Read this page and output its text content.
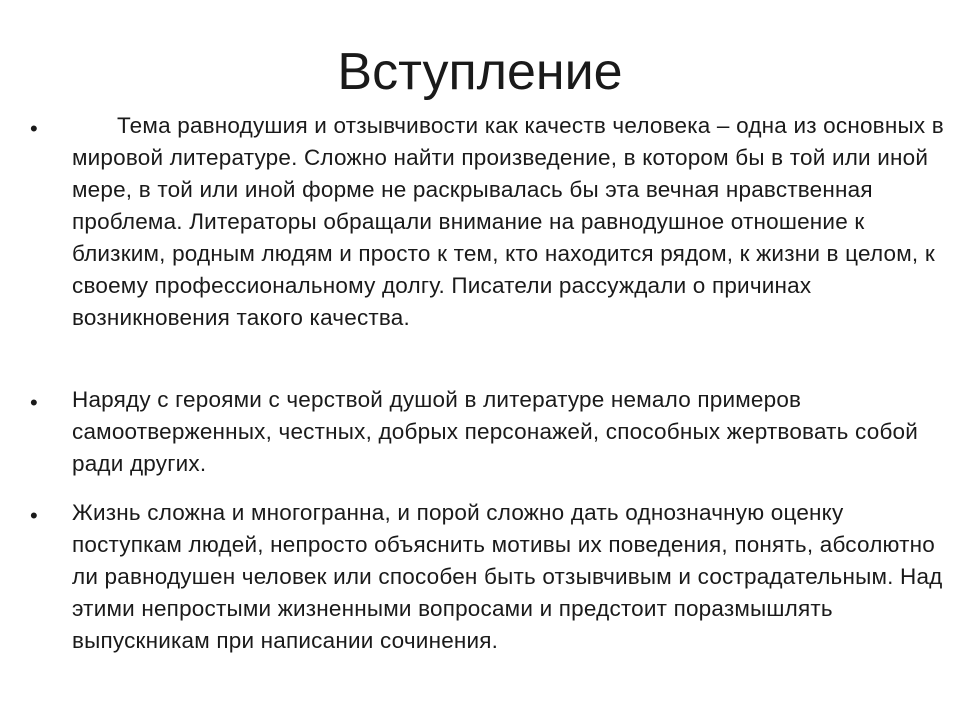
Вступление
•	Тема равнодушия и отзывчивости как качеств человека – одна из основных в мировой литературе. Сложно найти произведение, в котором бы в той или иной мере, в той или иной форме не раскрывалась бы эта вечная нравственная проблема. Литераторы обращали внимание на равнодушное отношение к близким, родным людям и просто к тем, кто находится рядом, к жизни в целом, к своему профессиональному долгу. Писатели рассуждали о причинах возникновения такого качества.

• Наряду с героями с черствой душой в литературе немало примеров самоотверженных, честных, добрых персонажей, способных жертвовать собой ради других.

• Жизнь сложна и многогранна, и порой сложно дать однозначную оценку поступкам людей, непросто объяснить мотивы их поведения, понять, абсолютно ли равнодушен человек или способен быть отзывчивым и сострадательным. Над этими непростыми жизненными вопросами и предстоит поразмышлять выпускникам при написании сочинения.
